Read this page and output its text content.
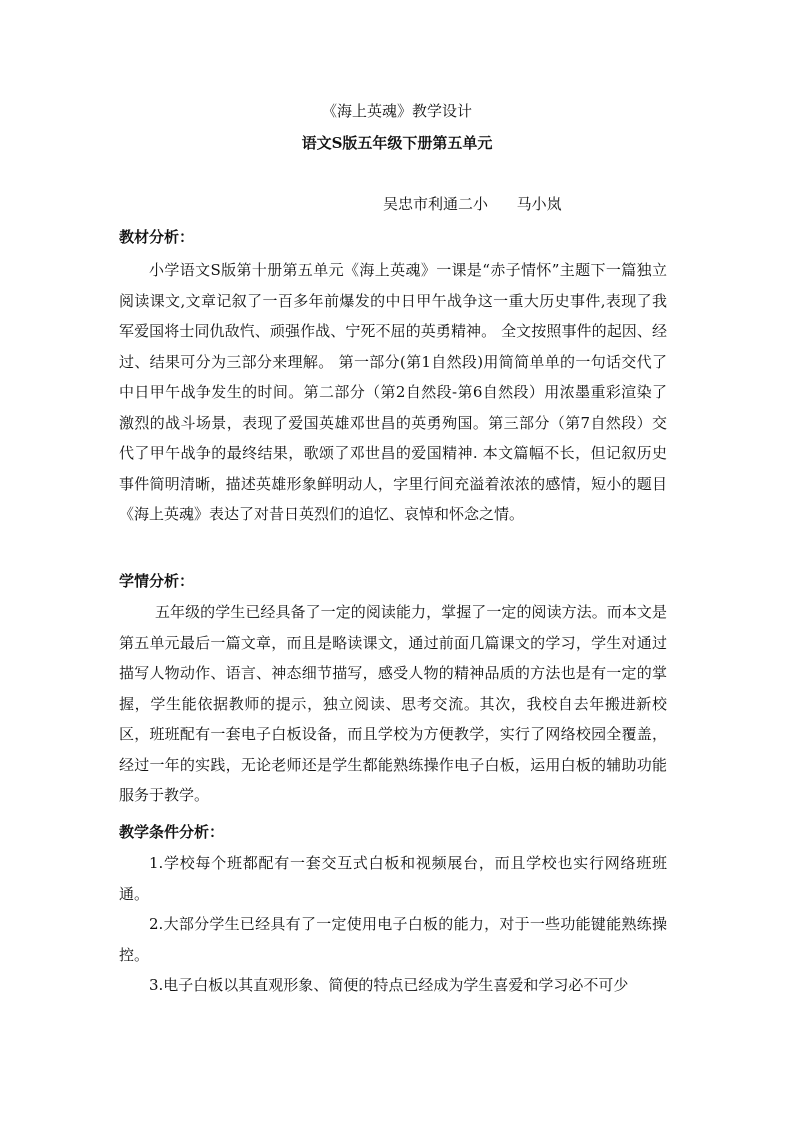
《海上英魂》教学设计
语文S版五年级下册第五单元
吴忠市利通二小      马小岚
教材分析：
小学语文S版第十册第五单元《海上英魂》一课是“赤子情怀”主题下一篇独立阅读课文,文章记叙了一百多年前爆发的中日甲午战争这一重大历史事件,表现了我军爱国将士同仇敌忾、顽强作战、宁死不屈的英勇精神。 全文按照事件的起因、经过、结果可分为三部分来理解。 第一部分(第1自然段)用简简单单的一句话交代了中日甲午战争发生的时间。第二部分（第2自然段-第6自然段）用浓墨重彩渲染了激烈的战斗场景，表现了爱国英雄邓世昌的英勇殉国。第三部分（第7自然段）交代了甲午战争的最终结果，歌颂了邓世昌的爱国精神. 本文篇幅不长，但记叙历史事件简明清晰，描述英雄形象鲜明动人，字里行间充溢着浓浓的感情，短小的题目《海上英魂》表达了对昔日英烈们的追忆、哀悼和怀念之情。
学情分析：
五年级的学生已经具备了一定的阅读能力，掌握了一定的阅读方法。而本文是第五单元最后一篇文章，而且是略读课文，通过前面几篇课文的学习，学生对通过描写人物动作、语言、神态细节描写，感受人物的精神品质的方法也是有一定的掌握，学生能依据教师的提示，独立阅读、思考交流。其次，我校自去年搬进新校区，班班配有一套电子白板设备，而且学校为方便教学，实行了网络校园全覆盖，经过一年的实践，无论老师还是学生都能熟练操作电子白板，运用白板的辅助功能服务于教学。
教学条件分析：
1.学校每个班都配有一套交互式白板和视频展台，而且学校也实行网络班班通。
2.大部分学生已经具有了一定使用电子白板的能力，对于一些功能键能熟练操控。
3.电子白板以其直观形象、简便的特点已经成为学生喜爱和学习必不可少
